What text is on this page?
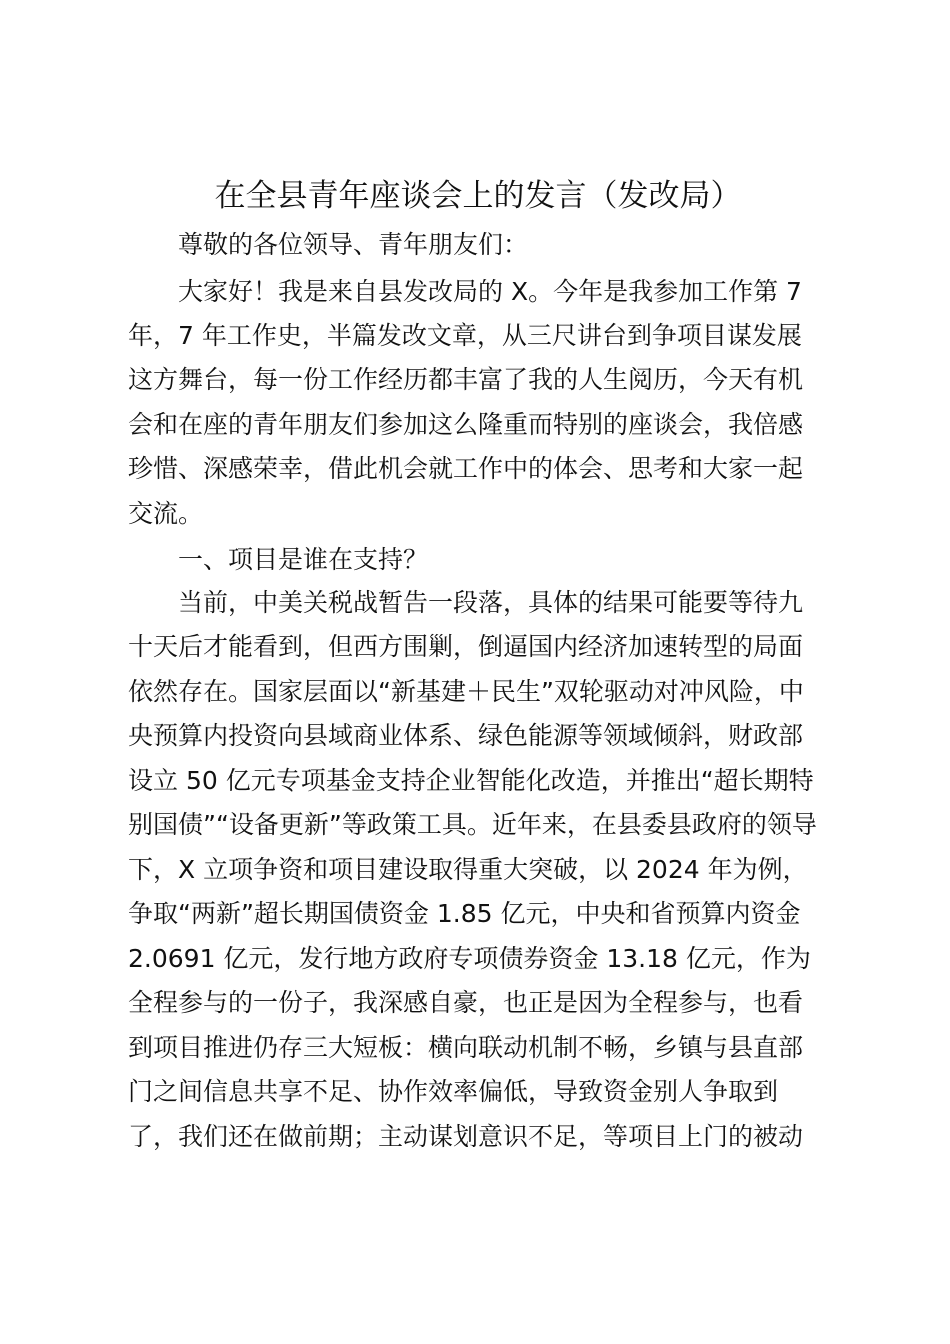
在全县青年座谈会上的发言（发改局）
尊敬的各位领导、青年朋友们：
大家好！我是来自县发改局的 X。今年是我参加工作第 7
年，7 年工作史，半篇发改文章，从三尺讲台到争项目谋发展
这方舞台，每一份工作经历都丰富了我的人生阅历，今天有机
会和在座的青年朋友们参加这么隆重而特别的座谈会，我倍感
珍惜、深感荣幸，借此机会就工作中的体会、思考和大家一起
交流。
一、项目是谁在支持？
当前，中美关税战暂告一段落，具体的结果可能要等待九
十天后才能看到，但西方围剿，倒逼国内经济加速转型的局面
依然存在。国家层面以“新基建＋民生”双轮驱动对冲风险，中
央预算内投资向县域商业体系、绿色能源等领域倾斜，财政部
设立 50 亿元专项基金支持企业智能化改造，并推出“超长期特
别国债”“设备更新”等政策工具。近年来，在县委县政府的领导
下，X 立项争资和项目建设取得重大突破，以 2024 年为例，
争取“两新”超长期国债资金 1.85 亿元，中央和省预算内资金
2.0691 亿元，发行地方政府专项债券资金 13.18 亿元，作为
全程参与的一份子，我深感自豪，也正是因为全程参与，也看
到项目推进仍存三大短板：横向联动机制不畅，乡镇与县直部
门之间信息共享不足、协作效率偏低，导致资金别人争取到
了，我们还在做前期；主动谋划意识不足，等项目上门的被动
